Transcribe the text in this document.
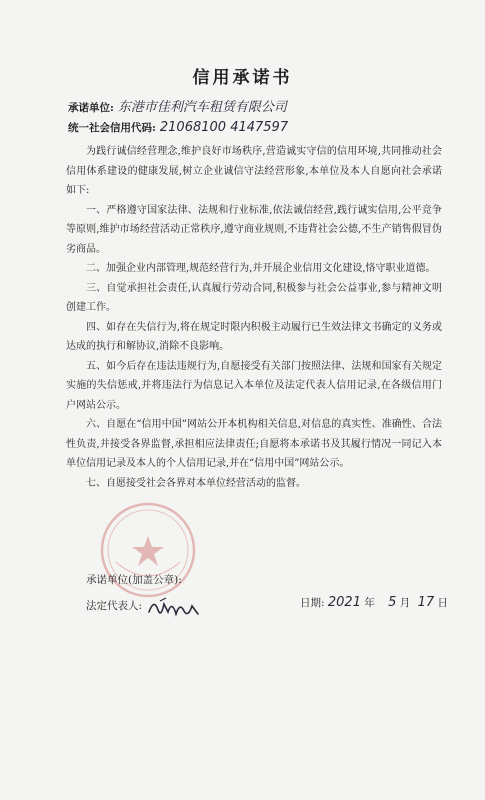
信用承诺书
承诺单位: 东港市佳利汽车租赁有限公司
统一社会信用代码: 21068100 4147597

为践行诚信经营理念,维护良好市场秩序,营造诚实守信的信用环境,共同推动社会信用体系建设的健康发展,树立企业诚信守法经营形象,本单位及本人自愿向社会承诺如下:

一、严格遵守国家法律、法规和行业标准,依法诚信经营,践行诚实信用,公平竞争等原则,维护市场经营活动正常秩序,遵守商业规则,不违背社会公德,不生产销售假冒伪劣商品。

二、加强企业内部管理,规范经营行为,并开展企业信用文化建设,恪守职业道德。

三、自觉承担社会责任,认真履行劳动合同,积极参与社会公益事业,参与精神文明创建工作。

四、如存在失信行为,将在规定时限内积极主动履行已生效法律文书确定的义务或达成的执行和解协议,消除不良影响。

五、如今后存在违法违规行为,自愿接受有关部门按照法律、法规和国家有关规定实施的失信惩戒,并将违法行为信息记入本单位及法定代表人信用记录,在各级信用门户网站公示。

六、自愿在“信用中国”网站公开本机构相关信息,对信息的真实性、准确性、合法性负责,并接受各界监督,承担相应法律责任;自愿将本承诺书及其履行情况一同记入本单位信用记录及本人的个人信用记录,并在“信用中国”网站公示。

七、自愿接受社会各界对本单位经营活动的监督。

承诺单位(加盖公章):
法定代表人:	日期: 2021 年 5 月 17 日
